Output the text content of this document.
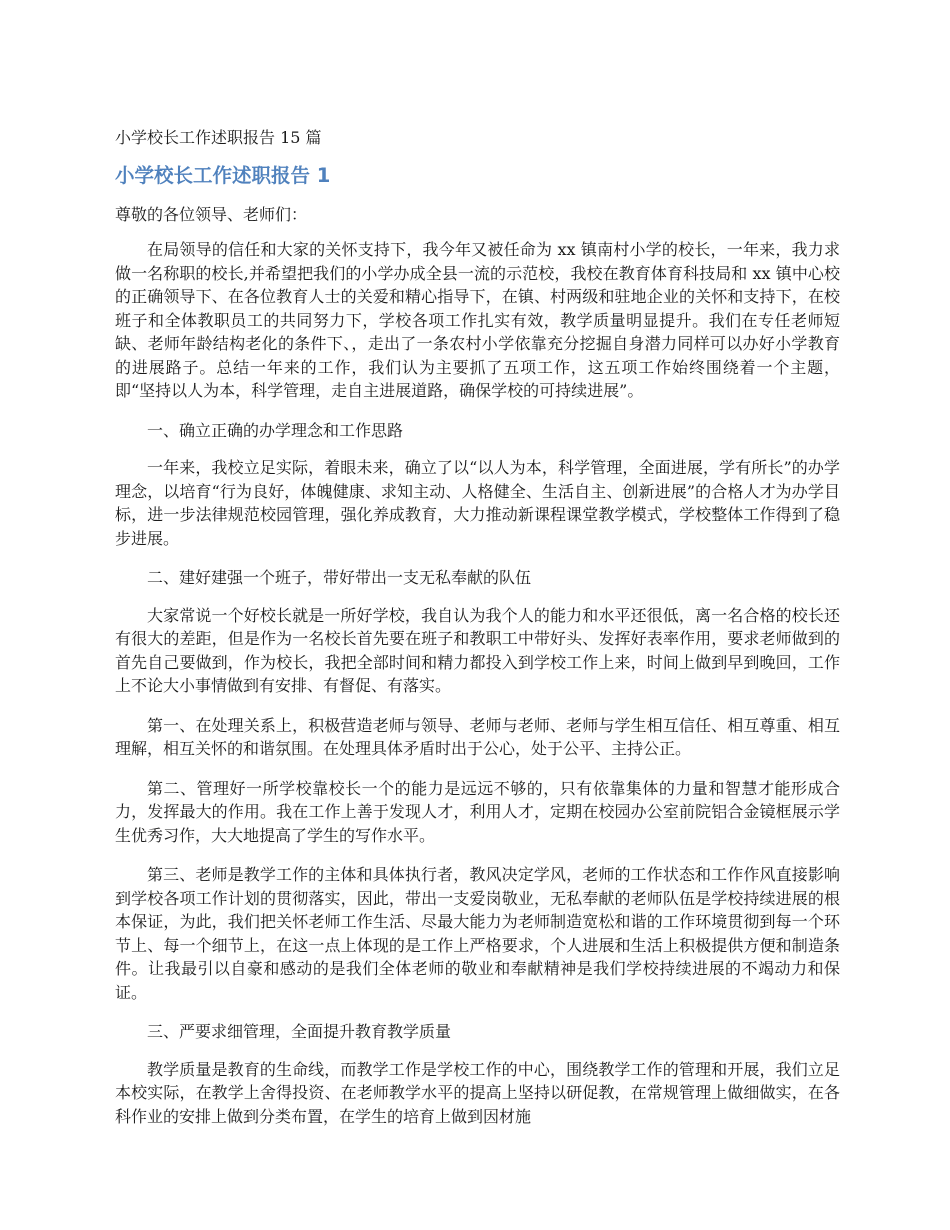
小学校长工作述职报告 15 篇

小学校长工作述职报告 1

尊敬的各位领导、老师们：

在局领导的信任和大家的关怀支持下，我今年又被任命为 xx 镇南村小学的校长，一年来，我力求做一名称职的校长,并希望把我们的小学办成全县一流的示范校，我校在教育体育科技局和 xx 镇中心校的正确领导下、在各位教育人士的关爱和精心指导下，在镇、村两级和驻地企业的关怀和支持下，在校班子和全体教职员工的共同努力下，学校各项工作扎实有效，教学质量明显提升。我们在专任老师短缺、老师年龄结构老化的条件下、，走出了一条农村小学依靠充分挖掘自身潜力同样可以办好小学教育的进展路子。总结一年来的工作，我们认为主要抓了五项工作，这五项工作始终围绕着一个主题，即“坚持以人为本，科学管理，走自主进展道路，确保学校的可持续进展”。

一、确立正确的办学理念和工作思路

一年来，我校立足实际，着眼未来，确立了以“以人为本，科学管理，全面进展，学有所长”的办学理念，以培育“行为良好，体魄健康、求知主动、人格健全、生活自主、创新进展”的合格人才为办学目标，进一步法律规范校园管理，强化养成教育，大力推动新课程课堂教学模式，学校整体工作得到了稳步进展。

二、建好建强一个班子，带好带出一支无私奉献的队伍

大家常说一个好校长就是一所好学校，我自认为我个人的能力和水平还很低，离一名合格的校长还有很大的差距，但是作为一名校长首先要在班子和教职工中带好头、发挥好表率作用，要求老师做到的首先自己要做到，作为校长，我把全部时间和精力都投入到学校工作上来，时间上做到早到晚回，工作上不论大小事情做到有安排、有督促、有落实。

第一、在处理关系上，积极营造老师与领导、老师与老师、老师与学生相互信任、相互尊重、相互理解，相互关怀的和谐氛围。在处理具体矛盾时出于公心，处于公平、主持公正。

第二、管理好一所学校靠校长一个的能力是远远不够的，只有依靠集体的力量和智慧才能形成合力，发挥最大的作用。我在工作上善于发现人才，利用人才，定期在校园办公室前院铝合金镜框展示学生优秀习作，大大地提高了学生的写作水平。

第三、老师是教学工作的主体和具体执行者，教风决定学风，老师的工作状态和工作作风直接影响到学校各项工作计划的贯彻落实，因此，带出一支爱岗敬业，无私奉献的老师队伍是学校持续进展的根本保证，为此，我们把关怀老师工作生活、尽最大能力为老师制造宽松和谐的工作环境贯彻到每一个环节上、每一个细节上，在这一点上体现的是工作上严格要求，个人进展和生活上积极提供方便和制造条件。让我最引以自豪和感动的是我们全体老师的敬业和奉献精神是我们学校持续进展的不竭动力和保证。

三、严要求细管理，全面提升教育教学质量

教学质量是教育的生命线，而教学工作是学校工作的中心，围绕教学工作的管理和开展，我们立足本校实际，在教学上舍得投资、在老师教学水平的提高上坚持以研促教，在常规管理上做细做实，在各科作业的安排上做到分类布置，在学生的培育上做到因材施
